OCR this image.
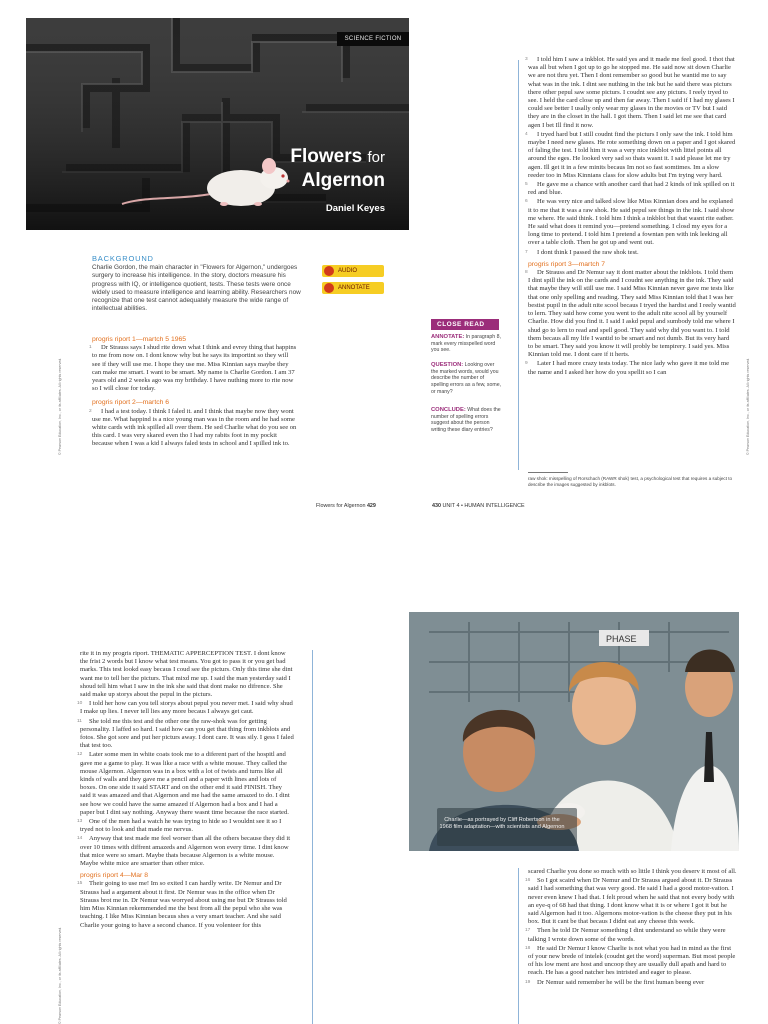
SCIENCE FICTION
Flowers for
Algernon
Daniel Keyes
BACKGROUND
Charlie Gordon, the main character in "Flowers for Algernon," undergoes surgery to increase his intelligence. In the story, doctors measure his progress with IQ, or intelligence quotient, tests. These tests were once widely used to measure intelligence and learning ability. Researchers now recognize that one test cannot adequately measure the wide range of intellectual abilities.
AUDIO
ANNOTATE
© Pearson Education, Inc., or its affiliates. All rights reserved.
progris riport 1—martch 5 1965

1 Dr Strauss says I shud rite down what I think and evrey thing that happins to me from now on. I dont know why but he says its importint so they will see if they will use me. I hope they use me. Miss Kinnian says maybe they can make me smart. I want to be smart. My name is Charlie Gordon. I am 37 years old and 2 weeks ago was my brithday. I have nuthing more to rite now so I will close for today.

progris riport 2—martch 6

2 I had a test today. I think I faled it. and I think that maybe now they wont use me. What happind is a nice young man was in the room and he had some white cards with ink spilled all over them. He sed Charlie what do you see on this card. I was very skared even tho I had my rabits foot in my pockit because when I was a kid I always faled tests in school and I spilled ink to.

Flowers for Algernon 429

3 I told him I saw a inkblot. He said yes and it made me feel good. I thot that was all but when I got up to go he stopped me. He said now sit down Charlie we are not thru yet. Then I dont remember so good but he wantid me to say what was in the ink. I dint see nuthing in the ink but he said there was picturs there other pepul saw some picturs. I coudnt see any picturs. I reely tryed to see. I held the card close up and then far away. Then I said if I had my glases I could see better I usally only wear my glases in the movies or TV but I said they are in the closet in the hall. I got them. Then I said let me see that card agen I bet Ill find it now.

4 I tryed hard but I still coudnt find the picturs I only saw the ink. I told him maybe I need new glases. He rote something down on a paper and I got skared of faling the test. I told him it was a very nice inkblot with littel points all around the eges. He looked very sad so thats wasnt it. I said please let me try agen. Ill get it in a few minits becaus Im not so fast somtimes. Im a slow reeder too in Miss Kinnians class for slow adults but I'm trying very hard.

5 He gave me a chance with another card that had 2 kinds of ink spilled on it red and blue.

6 He was very nice and talked slow like Miss Kinnian does and he explaned it to me that it was a raw shok. He said pepul see things in the ink. I said show me where. He said think. I told him I think a inkblot but that wasnt rite eather. He said what does it remind you—pretend something. I closd my eyes for a long time to pretend. I told him I pretend a fowntan pen with ink leeking all over a table cloth. Then he got up and went out.

7 I dont think I passed the raw shok test.

progris riport 3—martch 7

8 Dr Strauss and Dr Nemur say it dont matter about the inkblots. I told them I dint spill the ink on the cards and I coudnt see anything in the ink. They said that maybe they will still use me. I said Miss Kinnian never gave me tests like that one only spelling and reading. They said Miss Kinnian told that I was her bestist pupil in the adult nite scool becaus I tryed the hardist and I reely wantid to lern. They said how come you went to the adult nite scool all by yourself Charlie. How did you find it. I said I askd pepul and sumbody told me where I shud go to lern to read and spell good. They said why did you want to. I told them becaus all my life I wantid to be smart and not dumb. But its very hard to be smart. They said you know it will probly be tempirery. I said yes. Miss Kinnian told me. I dont care if it herts.

9 Later I had more crazy tests today. The nice lady who gave it me told me the name and I asked her how do you spellit so I can

CLOSE READ
ANNOTATE: In paragraph 8, mark every misspelled word you see.
QUESTION: Looking over the marked words, would you describe the number of spelling errors as a few, some, or many?
CONCLUDE: What does the number of spelling errors suggest about the person writing these diary entries?
raw shok: misspelling of Rorschach (RAWR shok) test, a psychological test that requires a subject to describe the images suggested by inkblots.
430 UNIT 4 • HUMAN INTELLIGENCE
© Pearson Education, Inc., or its affiliates. All rights reserved.
© Pearson Education, Inc., or its affiliates. All rights reserved.

rite it in my progris riport. THEMATIC APPERCEPTION TEST. I dont know the frist 2 words but I know what test means. You got to pass it or you get bad marks. This test lookd easy becaus I coud see the picturs. Only this time she dint want me to tell her the picturs. That mixd me up. I said the man yesterday said I shoud tell him what I saw in the ink she said that dont make no difrence. She said make up storys about the pepul in the picturs.

10 I told her how can you tell storys about pepul you never met. I said why shud I make up lies. I never tell lies any more becaus I always get caut.

11 She told me this test and the other one the raw-shok was for getting personality. I laffed so hard. I said how can you get that thing from inkblots and fotos. She got sore and put her picturs away. I dont care. It was sily. I gess I faled that test too.

12 Later some men in white coats took me to a diferent part of the hospitl and gave me a game to play. It was like a race with a white mouse. They called the mouse Algernon. Algernon was in a box with a lot of twists and turns like all kinds of walls and they gave me a pencil and a paper with lines and lots of boxes. On one side it said START and on the other end it said FINISH. They said it was amazed and that Algernon and me had the same amazed to do. I dint see how we could have the same amazed if Algernon had a box and I had a paper but I dint say nothing. Anyway there wasnt time because the race started.

13 One of the men had a watch he was trying to hide so I wouldnt see it so I tryed not to look and that made me nervus.

14 Anyway that test made me feel worser than all the others because they did it over 10 times with diffrent amazeds and Algernon won every time. I dint know that mice were so smart. Maybe thats because Algernon is a white mouse. Maybe white mice are smarter than other mice.

progris riport 4—Mar 8

15 Their going to use me! Im so exited I can hardly write. Dr Nemur and Dr Strauss had a argament about it first. Dr Nemur was in the office when Dr Strauss brot me in. Dr Nemur was worryed about using me but Dr Strauss told him Miss Kinnian rekemmended me the best from all the pepul who she was teaching. I like Miss Kinnian becaus shes a very smart teacher. And she said Charlie your going to have a second chance. If you volenteer for this

PHASE
Charlie—as portrayed by Cliff Robertson in the 1968 film adaptation—with scientists and Algernon

scared Charlie you done so much with so little I think you deserv it most of all.

16 So I got scaird when Dr Nemur and Dr Strauss argued about it. Dr Strauss said I had something that was very good. He said I had a good motor-vation. I never even knew I had that. I felt proud when he said that not every body with an eye-q of 68 had that thing. I dont know what it is or where I got it but he said Algernon had it too. Algernons motor-vation is the cheese they put in his box. But it cant be that becaus I didnt eat any cheese this week.

17 Then he told Dr Nemur something I dint understand so while they were talking I wrote down some of the words.

18 He said Dr Nemur I know Charlie is not what you had in mind as the first of your new brede of intelek (coudnt get the word) superman. But most people of his low ment are host and uncoop they are usually dull apath and hard to reach. He has a good natcher hes intristed and eager to please.

19 Dr Nemur said remember he will be the first human beeng ever
